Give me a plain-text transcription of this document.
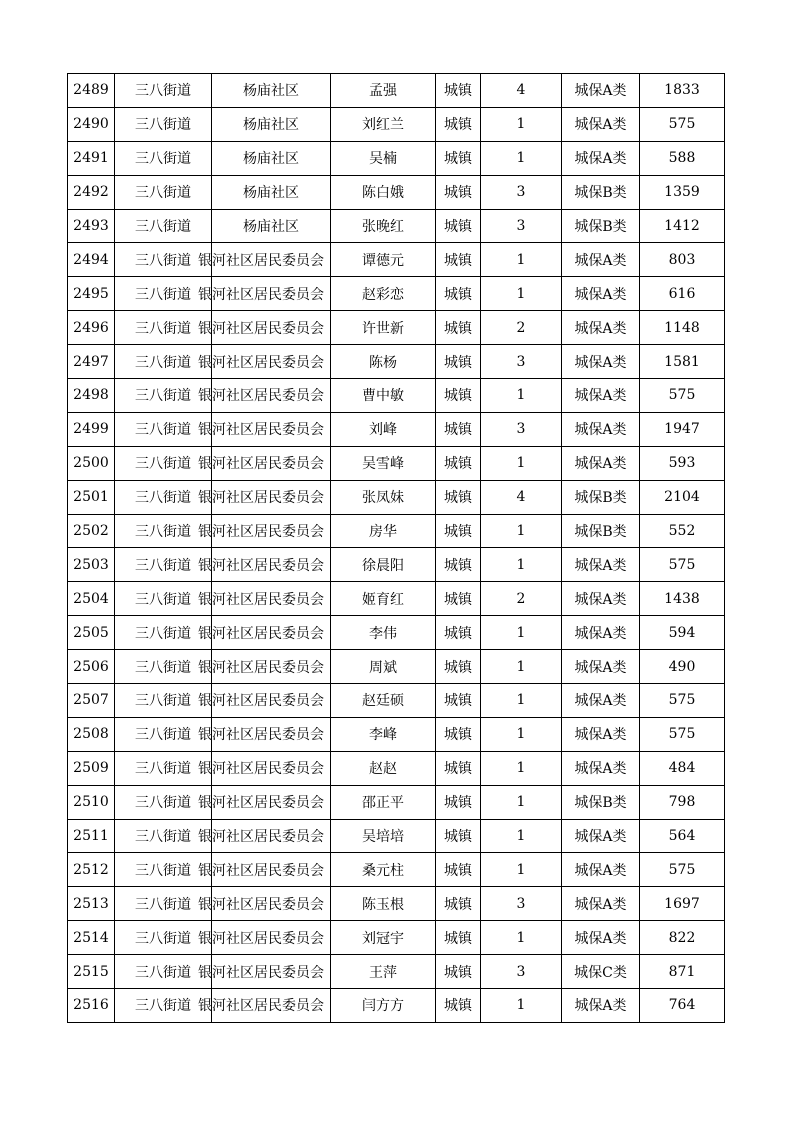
2489	三八街道	杨庙社区	孟强	城镇	4	城保A类	1833

2490	三八街道	杨庙社区	刘红兰	城镇	1	城保A类	575

2491	三八街道	杨庙社区	吴楠	城镇	1	城保A类	588

2492	三八街道	杨庙社区	陈白娥	城镇	3	城保B类	1359

2493	三八街道	杨庙社区	张晚红	城镇	3	城保B类	1412

2494	三八街道	银河社区居民委员会	谭德元	城镇	1	城保A类	803

2495	三八街道	银河社区居民委员会	赵彩恋	城镇	1	城保A类	616

2496	三八街道	银河社区居民委员会	许世新	城镇	2	城保A类	1148

2497	三八街道	银河社区居民委员会	陈杨	城镇	3	城保A类	1581

2498	三八街道	银河社区居民委员会	曹中敏	城镇	1	城保A类	575

2499	三八街道	银河社区居民委员会	刘峰	城镇	3	城保A类	1947

2500	三八街道	银河社区居民委员会	吴雪峰	城镇	1	城保A类	593

2501	三八街道	银河社区居民委员会	张凤妹	城镇	4	城保B类	2104

2502	三八街道	银河社区居民委员会	房华	城镇	1	城保B类	552

2503	三八街道	银河社区居民委员会	徐晨阳	城镇	1	城保A类	575

2504	三八街道	银河社区居民委员会	姬育红	城镇	2	城保A类	1438

2505	三八街道	银河社区居民委员会	李伟	城镇	1	城保A类	594

2506	三八街道	银河社区居民委员会	周斌	城镇	1	城保A类	490

2507	三八街道	银河社区居民委员会	赵廷硕	城镇	1	城保A类	575

2508	三八街道	银河社区居民委员会	李峰	城镇	1	城保A类	575

2509	三八街道	银河社区居民委员会	赵赵	城镇	1	城保A类	484

2510	三八街道	银河社区居民委员会	邵正平	城镇	1	城保B类	798

2511	三八街道	银河社区居民委员会	吴培培	城镇	1	城保A类	564

2512	三八街道	银河社区居民委员会	桑元柱	城镇	1	城保A类	575

2513	三八街道	银河社区居民委员会	陈玉根	城镇	3	城保A类	1697

2514	三八街道	银河社区居民委员会	刘冠宇	城镇	1	城保A类	822

2515	三八街道	银河社区居民委员会	王萍	城镇	3	城保C类	871

2516	三八街道	银河社区居民委员会	闫方方	城镇	1	城保A类	764
